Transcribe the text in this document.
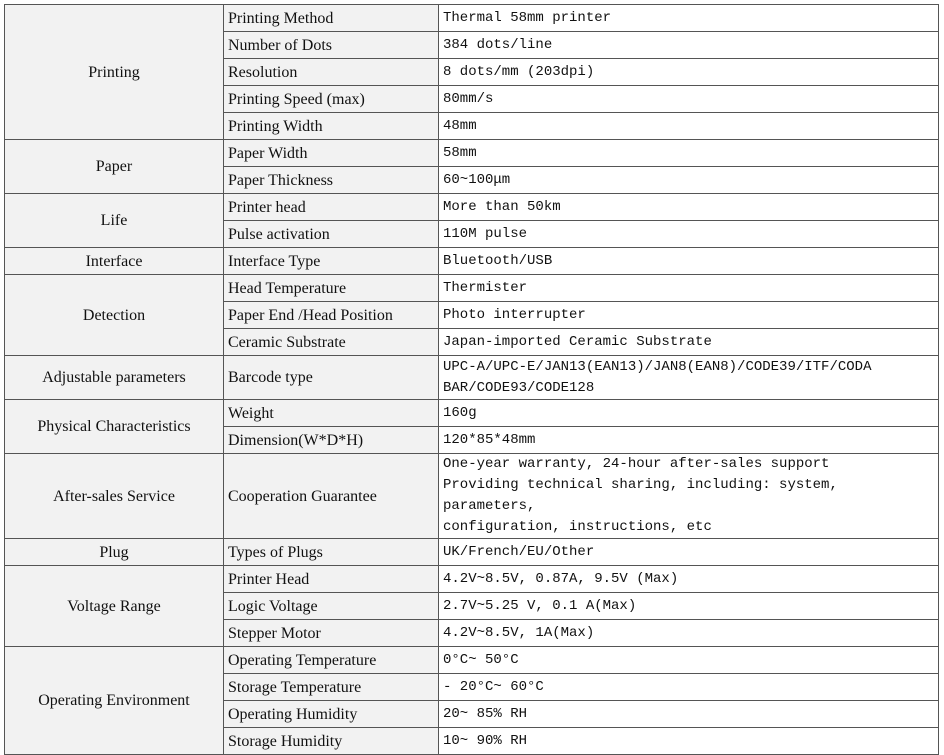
Printing	Printing Method	Thermal 58mm printer
	Number of Dots	384 dots/line
	Resolution	8 dots/mm (203dpi)
	Printing Speed (max)	80mm/s
	Printing Width	48mm
Paper	Paper Width	58mm
	Paper Thickness	60~100μm
Life	Printer head	More than 50km
	Pulse activation	110M pulse
Interface	Interface Type	Bluetooth/USB
Detection	Head Temperature	Thermister
	Paper End /Head Position	Photo interrupter
	Ceramic Substrate	Japan-imported Ceramic Substrate
Adjustable parameters	Barcode type	UPC-A/UPC-E/JAN13(EAN13)/JAN8(EAN8)/CODE39/ITF/CODA
BAR/CODE93/CODE128

Physical Characteristics	Weight	160g
	Dimension(W*D*H)	120*85*48mm
After-sales Service	Cooperation Guarantee	One-year warranty, 24-hour after-sales support
Providing technical sharing, including: system, parameters,
configuration, instructions, etc

Plug	Types of Plugs	UK/French/EU/Other
Voltage Range	Printer Head	4.2V~8.5V, 0.87A, 9.5V (Max)
	Logic Voltage	2.7V~5.25 V, 0.1 A(Max)
	Stepper Motor	4.2V~8.5V, 1A(Max)
Operating Environment	Operating Temperature	0°C~ 50°C
	Storage Temperature	- 20°C~ 60°C
	Operating Humidity	20~ 85% RH
	Storage Humidity	10~ 90% RH
